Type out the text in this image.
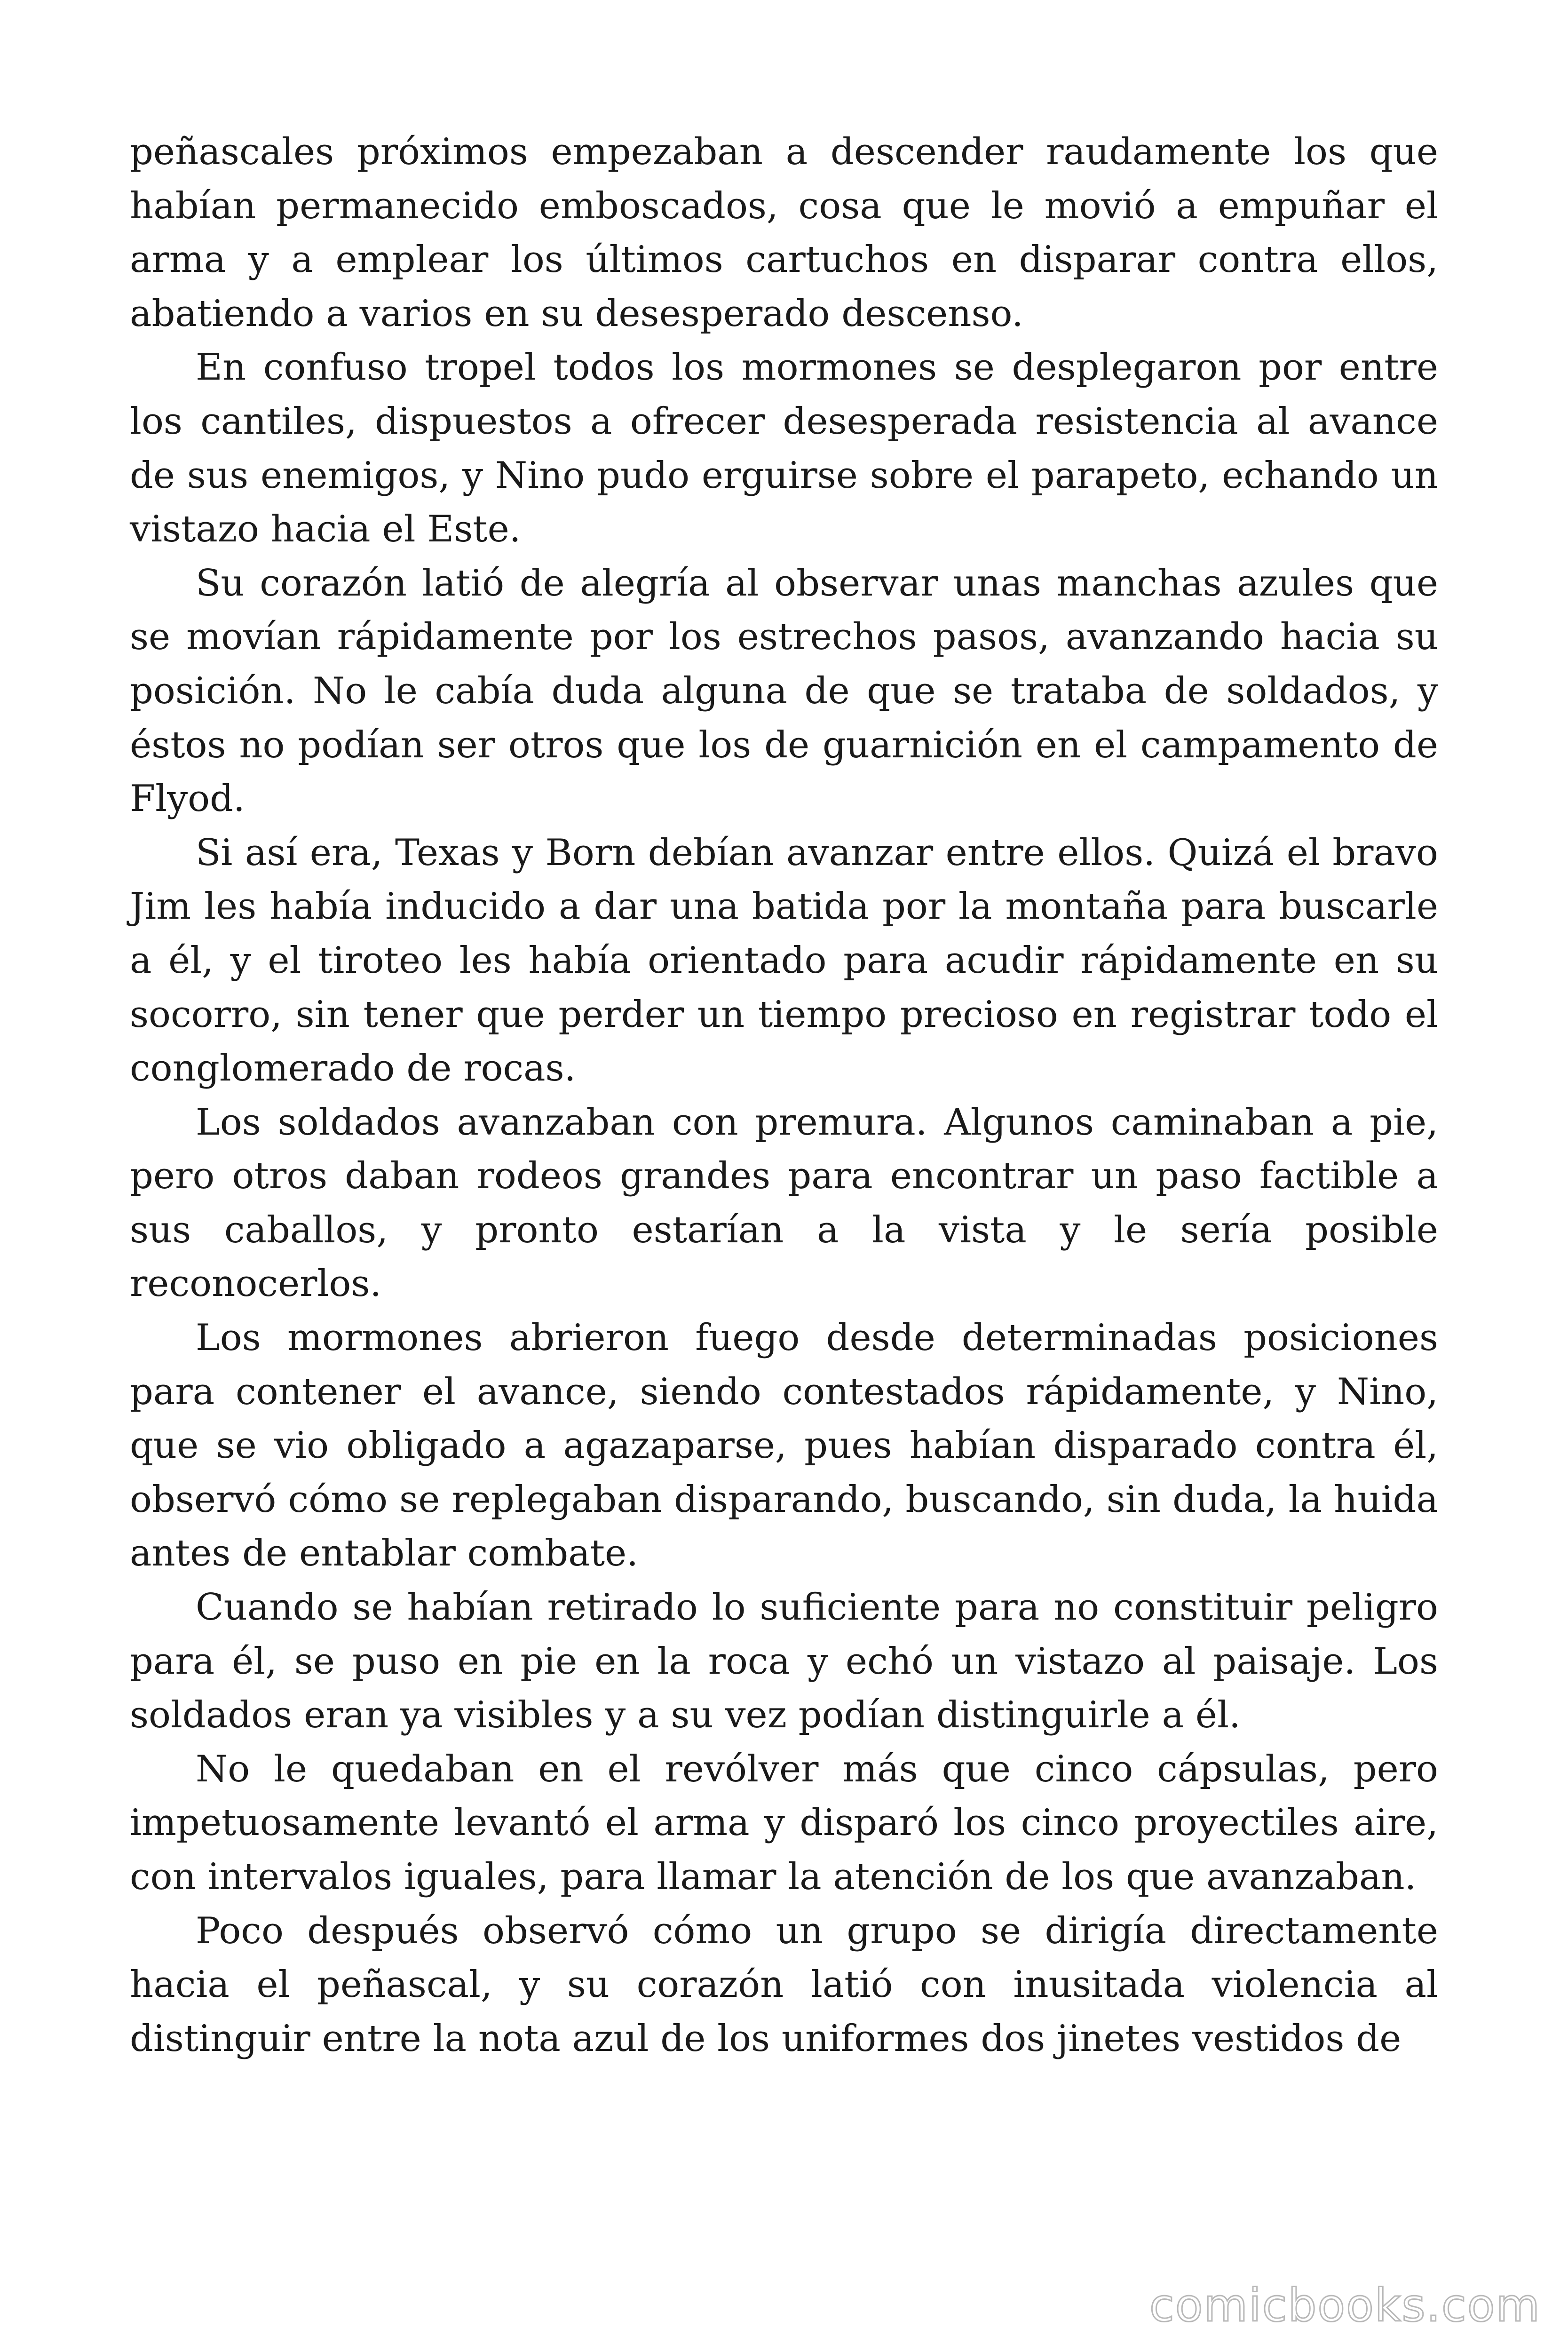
peñascales próximos empezaban a descender raudamente los que habían permanecido emboscados, cosa que le movió a empuñar el arma y a emplear los últimos cartuchos en disparar contra ellos, abatiendo a varios en su desesperado descenso.

En confuso tropel todos los mormones se desplegaron por entre los cantiles, dispuestos a ofrecer desesperada resistencia al avance de sus enemigos, y Nino pudo erguirse sobre el parapeto, echando un vistazo hacia el Este.

Su corazón latió de alegría al observar unas manchas azules que se movían rápidamente por los estrechos pasos, avanzando hacia su posición. No le cabía duda alguna de que se trataba de soldados, y éstos no podían ser otros que los de guarnición en el campamento de Flyod.

Si así era, Texas y Born debían avanzar entre ellos. Quizá el bravo Jim les había inducido a dar una batida por la montaña para buscarle a él, y el tiroteo les había orientado para acudir rápidamente en su socorro, sin tener que perder un tiempo precioso en registrar todo el conglomerado de rocas.

Los soldados avanzaban con premura. Algunos caminaban a pie, pero otros daban rodeos grandes para encontrar un paso factible a sus caballos, y pronto estarían a la vista y le sería posible reconocerlos.

Los mormones abrieron fuego desde determinadas posiciones para contener el avance, siendo contestados rápidamente, y Nino, que se vio obligado a agazaparse, pues habían disparado contra él, observó cómo se replegaban disparando, buscando, sin duda, la huida antes de entablar combate.

Cuando se habían retirado lo suficiente para no constituir peligro para él, se puso en pie en la roca y echó un vistazo al paisaje. Los soldados eran ya visibles y a su vez podían distinguirle a él.

No le quedaban en el revólver más que cinco cápsulas, pero impetuosamente levantó el arma y disparó los cinco proyectiles aire, con intervalos iguales, para llamar la atención de los que avanzaban.

Poco después observó cómo un grupo se dirigía directamente hacia el peñascal, y su corazón latió con inusitada violencia al distinguir entre la nota azul de los uniformes dos jinetes vestidos de

comicbooks.com
